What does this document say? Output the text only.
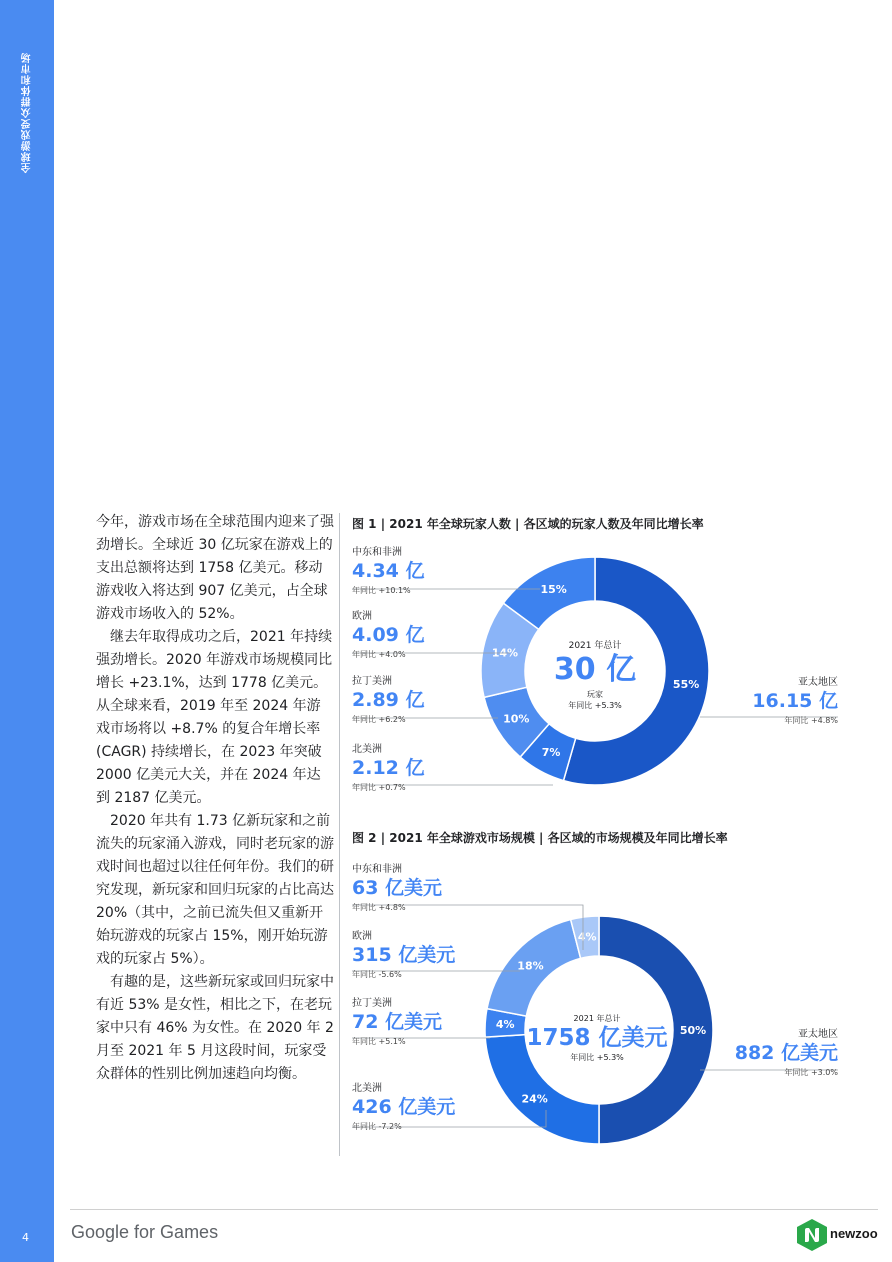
全球游戏受众群体和市场
4

今年，游戏市场在全球范围内迎来了强劲增长。全球近 30 亿玩家在游戏上的支出总额将达到 1758 亿美元。移动游戏收入将达到 907 亿美元，占全球游戏市场收入的 52%。

继去年取得成功之后，2021 年持续强劲增长。2020 年游戏市场规模同比增长 +23.1%，达到 1778 亿美元。从全球来看，2019 年至 2024 年游戏市场将以 +8.7% 的复合年增长率 (CAGR) 持续增长，在 2023 年突破 2000 亿美元大关，并在 2024 年达到 2187 亿美元。

2020 年共有 1.73 亿新玩家和之前流失的玩家涌入游戏，同时老玩家的游戏时间也超过以往任何年份。我们的研究发现，新玩家和回归玩家的占比高达 20%（其中，之前已流失但又重新开始玩游戏的玩家占 15%，刚开始玩游戏的玩家占 5%）。

有趣的是，这些新玩家或回归玩家中有近 53% 是女性，相比之下，在老玩家中只有 46% 为女性。在 2020 年 2 月至 2021 年 5 月这段时间，玩家受众群体的性别比例加速趋向均衡。

图 1 | 2021 年全球玩家人数 | 各区域的玩家人数及年同比增长率
图 2 | 2021 年全球游戏市场规模 | 各区域的市场规模及年同比增长率
55%
7%
10%
14%
15%
50%
24%
4%
18%
4%
2021 年总计
30 亿
玩家
年同比 +5.3%
2021 年总计
1758 亿美元
年同比 +5.3%
中东和非洲
4.34 亿
年同比 +10.1%
欧洲
4.09 亿
年同比 +4.0%
拉丁美洲
2.89 亿
年同比 +6.2%
北美洲
2.12 亿
年同比 +0.7%
亚太地区
16.15 亿
年同比 +4.8%
中东和非洲
63 亿美元
年同比 +4.8%
欧洲
315 亿美元
年同比 -5.6%
拉丁美洲
72 亿美元
年同比 +5.1%
北美洲
426 亿美元
年同比 -7.2%
亚太地区
882 亿美元
年同比 +3.0%
Google for Games	newzoo
